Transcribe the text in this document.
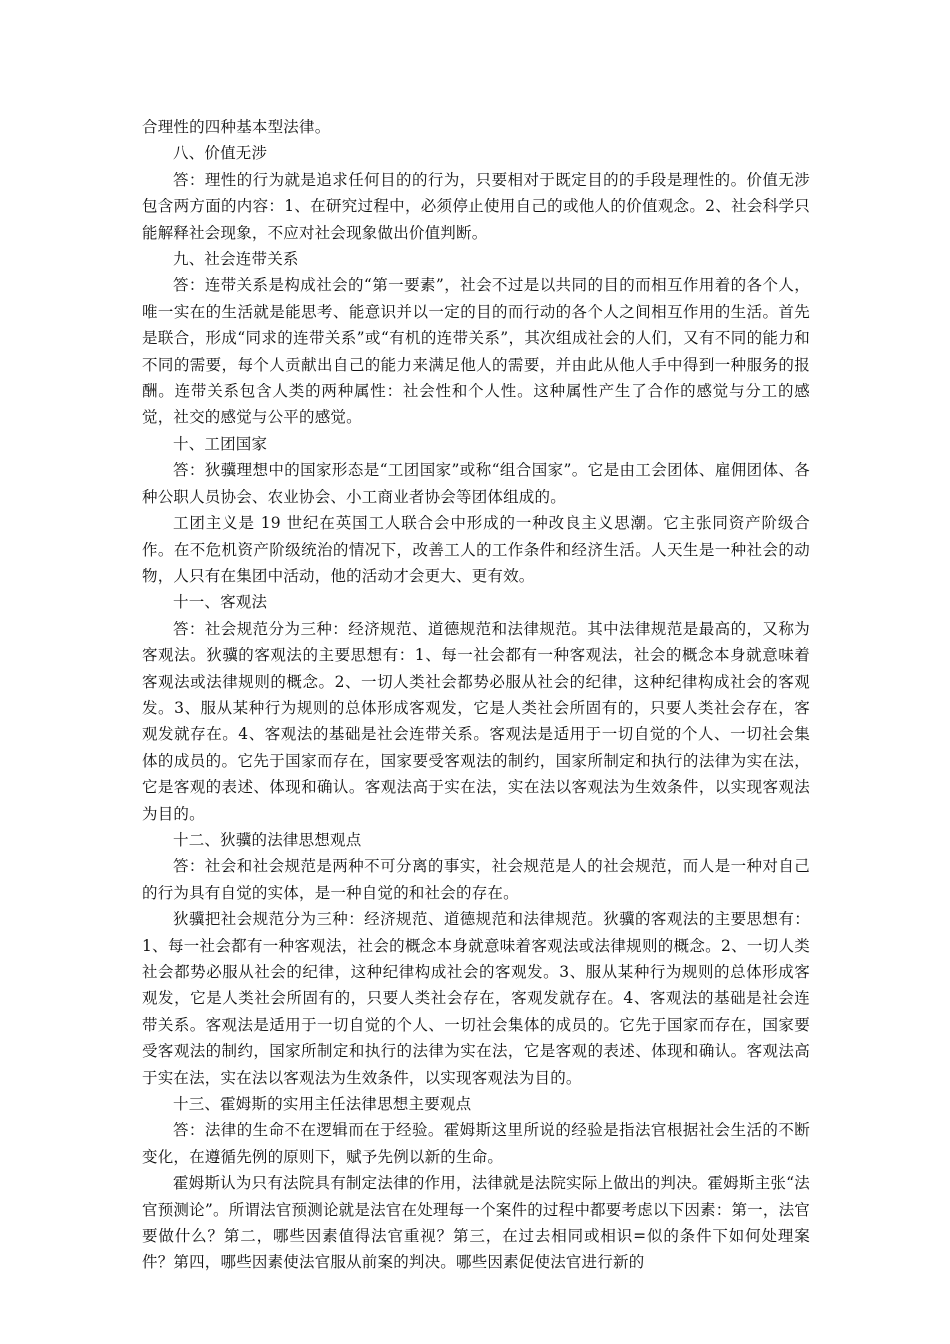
合理性的四种基本型法律。

八、价值无涉

答：理性的行为就是追求任何目的的行为，只要相对于既定目的的手段是理性的。价值无涉包含两方面的内容：1、在研究过程中，必须停止使用自己的或他人的价值观念。2、社会科学只能解释社会现象，不应对社会现象做出价值判断。

九、社会连带关系

答：连带关系是构成社会的“第一要素”，社会不过是以共同的目的而相互作用着的各个人，唯一实在的生活就是能思考、能意识并以一定的目的而行动的各个人之间相互作用的生活。首先是联合，形成“同求的连带关系”或“有机的连带关系”，其次组成社会的人们，又有不同的能力和不同的需要，每个人贡献出自己的能力来满足他人的需要，并由此从他人手中得到一种服务的报酬。连带关系包含人类的两种属性：社会性和个人性。这种属性产生了合作的感觉与分工的感觉，社交的感觉与公平的感觉。

十、工团国家

答：狄骥理想中的国家形态是“工团国家”或称“组合国家”。它是由工会团体、雇佣团体、各种公职人员协会、农业协会、小工商业者协会等团体组成的。

工团主义是 19 世纪在英国工人联合会中形成的一种改良主义思潮。它主张同资产阶级合作。在不危机资产阶级统治的情况下，改善工人的工作条件和经济生活。人天生是一种社会的动物，人只有在集团中活动，他的活动才会更大、更有效。

十一、客观法

答：社会规范分为三种：经济规范、道德规范和法律规范。其中法律规范是最高的，又称为客观法。狄骥的客观法的主要思想有：1、每一社会都有一种客观法，社会的概念本身就意味着客观法或法律规则的概念。2、一切人类社会都势必服从社会的纪律，这种纪律构成社会的客观发。3、服从某种行为规则的总体形成客观发，它是人类社会所固有的，只要人类社会存在，客观发就存在。4、客观法的基础是社会连带关系。客观法是适用于一切自觉的个人、一切社会集体的成员的。它先于国家而存在，国家要受客观法的制约，国家所制定和执行的法律为实在法，它是客观的表述、体现和确认。客观法高于实在法，实在法以客观法为生效条件，以实现客观法为目的。

十二、狄骥的法律思想观点

答：社会和社会规范是两种不可分离的事实，社会规范是人的社会规范，而人是一种对自己的行为具有自觉的实体，是一种自觉的和社会的存在。

狄骥把社会规范分为三种：经济规范、道德规范和法律规范。狄骥的客观法的主要思想有：1、每一社会都有一种客观法，社会的概念本身就意味着客观法或法律规则的概念。2、一切人类社会都势必服从社会的纪律，这种纪律构成社会的客观发。3、服从某种行为规则的总体形成客观发，它是人类社会所固有的，只要人类社会存在，客观发就存在。4、客观法的基础是社会连带关系。客观法是适用于一切自觉的个人、一切社会集体的成员的。它先于国家而存在，国家要受客观法的制约，国家所制定和执行的法律为实在法，它是客观的表述、体现和确认。客观法高于实在法，实在法以客观法为生效条件，以实现客观法为目的。

十三、霍姆斯的实用主任法律思想主要观点

答：法律的生命不在逻辑而在于经验。霍姆斯这里所说的经验是指法官根据社会生活的不断变化，在遵循先例的原则下，赋予先例以新的生命。

霍姆斯认为只有法院具有制定法律的作用，法律就是法院实际上做出的判决。霍姆斯主张“法官预测论”。所谓法官预测论就是法官在处理每一个案件的过程中都要考虑以下因素：第一，法官要做什么？第二，哪些因素值得法官重视？第三，在过去相同或相识=似的条件下如何处理案件？第四，哪些因素使法官服从前案的判决。哪些因素促使法官进行新的
